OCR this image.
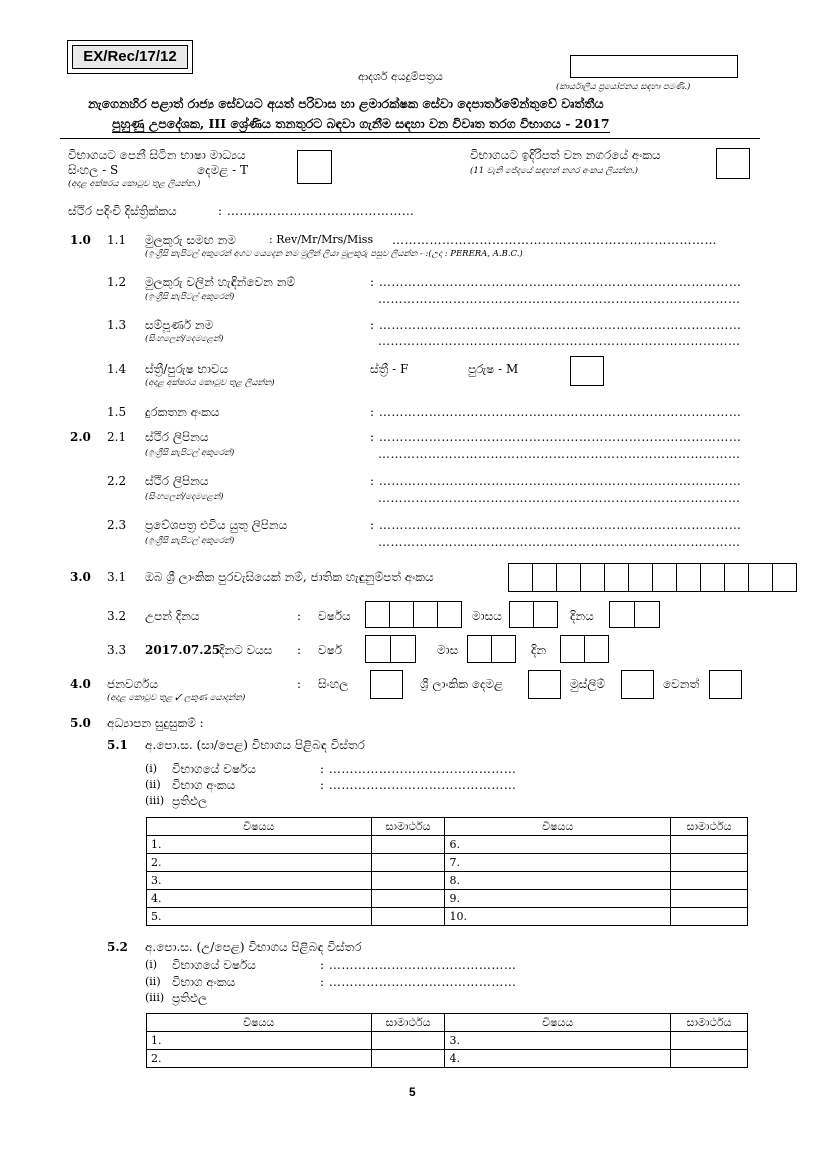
EX/Rec/17/12
(කාර්යාලීය ප්‍රයෝජනය සඳහා පමණි.)
ආදර්ශ අයදුම්පත්‍රය
නැගෙනහිර පළාත් රාජ්‍ය සේවයට අයත් පරිවාස හා ළමාරක්ෂක සේවා දෙපාර්තමේන්තුවේ වෘත්තීය
පුහුණු උපදේශක, III ශ්‍රේණිය තනතුරට බඳවා ගැනීම සඳහා වන විවෘත තරග විභාගය - 2017
විභාගයට පෙනී සිටින භාෂා මාධ්‍යය
සිංහල - S	දෙමළ - T
(අදාළ අක්ෂරය කොටුව තුළ ලියන්න.)
විභාගයට ඉදිරිපත් වන නගරයේ අංකය
(11 වැනි ජේදයේ සඳහන් නගර අංකය ලියන්න.)
ස්ථිර පදිංචි දිස්ත්‍රික්කය	: ………………………………………
1.0 1.1 මුලකුරු සමඟ නම	: Rev/Mr/Mrs/Miss ……………………………………………………………………
(ඉංග්‍රීසි කැපිටල් අකුරෙන් අගට යෙදෙන නම මුලින් ලියා මුලකුරු පසුව ලියන්න - :(උදා : PERERA, A.B.C.)
1.2 මුලකුරු වලින් හැඳින්වෙන නම්
(ඉංග්‍රීසි කැපිටල් අකුරෙන්)
: ……………………………………………………………………………
……………………………………………………………………………
1.3 සම්පූර්ණ නම
(සිංහලෙන්/දෙමළෙන්)
: ……………………………………………………………………………
……………………………………………………………………………
1.4 ස්ත්‍රී/පුරුෂ භාවය
(අදාළ අක්ෂරය කොටුව තුළ ලියන්න)
ස්ත්‍රී - F	පුරුෂ - M
1.5 දුරකතන අංකය	: ……………………………………………………………………………
2.0 2.1 ස්ථිර ලිපිනය
(ඉංග්‍රීසි කැපිටල් අකුරෙන්)
: ……………………………………………………………………………
……………………………………………………………………………
2.2 ස්ථිර ලිපිනය
(සිංහලෙන්/දෙමළෙන්)
: ……………………………………………………………………………
……………………………………………………………………………
2.3 ප්‍රවේශපත්‍ර එවිය යුතු ලිපිනය
(ඉංග්‍රීසි කැපිටල් අකුරෙන්)
: ……………………………………………………………………………
……………………………………………………………………………
3.0 3.1 ඔබ ශ්‍රී ලාංකික පුරවැසියෙක් නම්, ජාතික හැඳුනුම්පත් අංකය
3.2 උපන් දිනය	: වර්ෂය	මාසය	දිනය
3.3 2017.07.25
දිනට වයස : වර්ෂ	මාස	දින
4.0 ජනවර්ගය
(අදාළ කොටුව තුළ ✓ ලකුණ යොදන්න)
: සිංහල	ශ්‍රී ලාංකික දෙමළ	මුස්ලිම්	වෙනත්
5.0 අධ්‍යාපන සුදුසුකම් :
5.1 අ.පො.ස. (සා/පෙළ) විභාගය පිළිබඳ විස්තර
(i) විභාගයේ වර්ෂය	: ………………………………………
(ii) විභාග අංකය	: ………………………………………
(iii) ප්‍රතිඵල
විෂයය	සාමාර්ථය	විෂයය	සාමාර්ථය
1.		6.	
2.		7.	
3.		8.	
4.		9.	
5.		10.	
5.2 අ.පො.ස. (උ/පෙළ) විභාගය පිළිබඳ විස්තර
(i) විභාගයේ වර්ෂය	: ………………………………………
(ii) විභාග අංකය	: ………………………………………
(iii) ප්‍රතිඵල
විෂයය	සාමාර්ථය	විෂයය	සාමාර්ථය
1.		3.	
2.		4.	
5
